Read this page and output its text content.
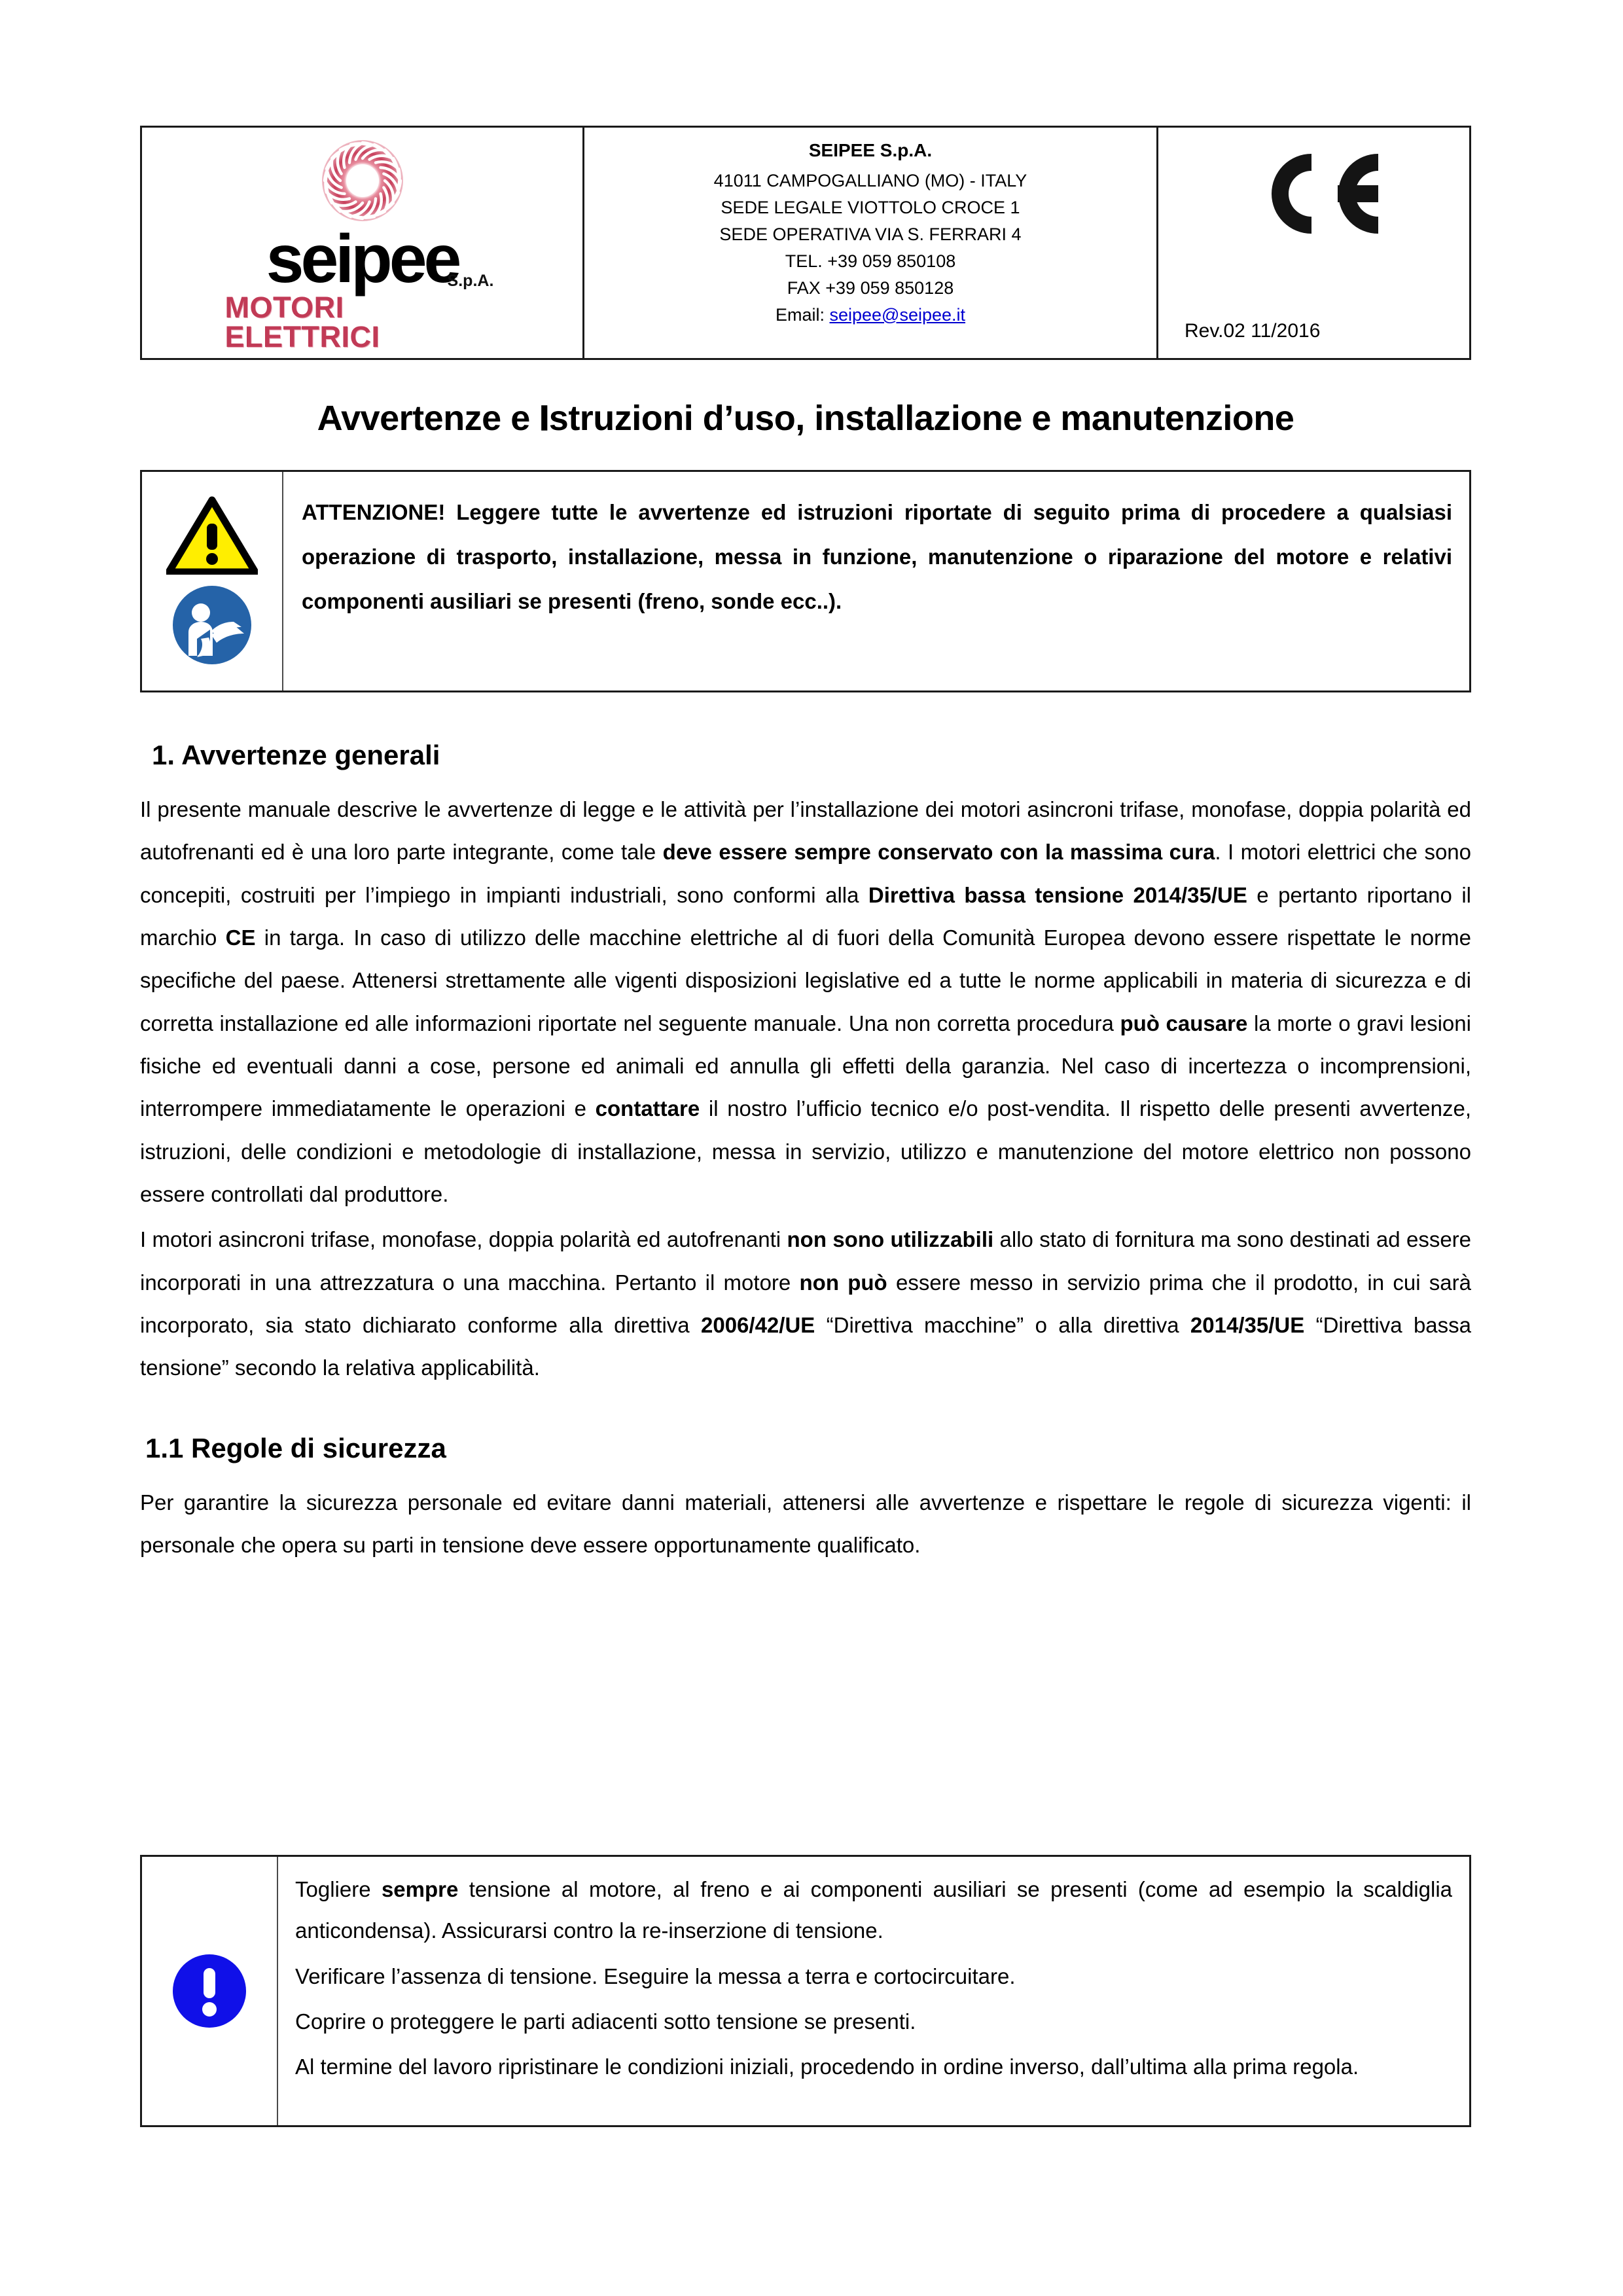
seipee
S.p.A.
MOTORI ELETTRICI
SEIPEE S.p.A.
41011 CAMPOGALLIANO (MO) - ITALY
SEDE LEGALE VIOTTOLO CROCE 1
SEDE OPERATIVA VIA S. FERRARI 4
TEL. +39 059 850108
FAX +39 059 850128
Email: seipee@seipee.it
Rev.02 11/2016
Avvertenze e Istruzioni d’uso, installazione e manutenzione
ATTENZIONE! Leggere tutte le avvertenze ed istruzioni riportate di seguito prima di procedere a qualsiasi operazione di trasporto, installazione, messa in funzione, manutenzione o riparazione del motore e relativi componenti ausiliari se presenti (freno, sonde ecc..).
1. Avvertenze generali

Il presente manuale descrive le avvertenze di legge e le attività per l’installazione dei motori asincroni trifase, monofase, doppia polarità ed autofrenanti ed è una loro parte integrante, come tale deve essere sempre conservato con la massima cura. I motori elettrici che sono concepiti, costruiti per l’impiego in impianti industriali, sono conformi alla Direttiva bassa tensione 2014/35/UE e pertanto riportano il marchio CE in targa. In caso di utilizzo delle macchine elettriche al di fuori della Comunità Europea devono essere rispettate le norme specifiche del paese. Attenersi strettamente alle vigenti disposizioni legislative ed a tutte le norme applicabili in materia di sicurezza e di corretta installazione ed alle informazioni riportate nel seguente manuale. Una non corretta procedura può causare la morte o gravi lesioni fisiche ed eventuali danni a cose, persone ed animali ed annulla gli effetti della garanzia. Nel caso di incertezza o incomprensioni, interrompere immediatamente le operazioni e contattare il nostro l’ufficio tecnico e/o post-vendita. Il rispetto delle presenti avvertenze, istruzioni, delle condizioni e metodologie di installazione, messa in servizio, utilizzo e manutenzione del motore elettrico non possono essere controllati dal produttore.

I motori asincroni trifase, monofase, doppia polarità ed autofrenanti non sono utilizzabili allo stato di fornitura ma sono destinati ad essere incorporati in una attrezzatura o una macchina. Pertanto il motore non può essere messo in servizio prima che il prodotto, in cui sarà incorporato, sia stato dichiarato conforme alla direttiva 2006/42/UE “Direttiva macchine” o alla direttiva 2014/35/UE “Direttiva bassa tensione” secondo la relativa applicabilità.

1.1 Regole di sicurezza

Per garantire la sicurezza personale ed evitare danni materiali, attenersi alle avvertenze e rispettare le regole di sicurezza vigenti: il personale che opera su parti in tensione deve essere opportunamente qualificato.

Togliere sempre tensione al motore, al freno e ai componenti ausiliari se presenti (come ad esempio la scaldiglia anticondensa). Assicurarsi contro la re-inserzione di tensione.

Verificare l’assenza di tensione. Eseguire la messa a terra e cortocircuitare.

Coprire o proteggere le parti adiacenti sotto tensione se presenti.

Al termine del lavoro ripristinare le condizioni iniziali, procedendo in ordine inverso, dall’ultima alla prima regola.
